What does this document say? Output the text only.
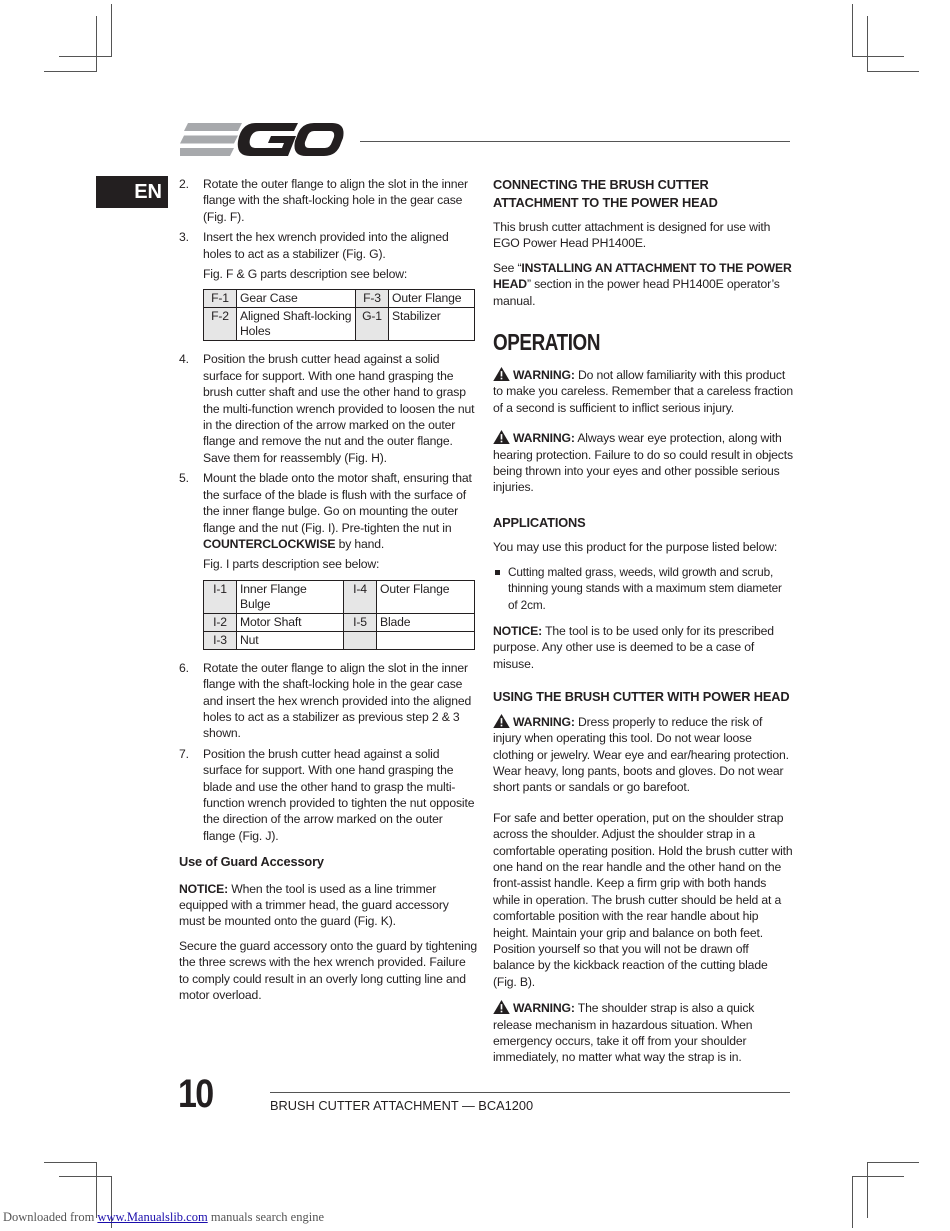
EN	2. Rotate the outer flange to align the slot in the inner flange with the shaft-locking hole in the gear case (Fig. F).
3. Insert the hex wrench provided into the aligned holes to act as a stabilizer (Fig. G).
Fig. F & G parts description see below:
F-1	Gear Case	F-3	Outer Flange
F-2	Aligned Shaft-locking Holes	G-1	Stabilizer
4. Position the brush cutter head against a solid surface for support. With one hand grasping the brush cutter shaft and use the other hand to grasp the multi-function wrench provided to loosen the nut in the direction of the arrow marked on the outer flange and remove the nut and the outer flange. Save them for reassembly (Fig. H).
5. Mount the blade onto the motor shaft, ensuring that the surface of the blade is flush with the surface of the inner flange bulge. Go on mounting the outer flange and the nut (Fig. I). Pre-tighten the nut in COUNTERCLOCKWISE by hand.
Fig. I parts description see below:
I-1	Inner Flange Bulge	I-4	Outer Flange
I-2	Motor Shaft	I-5	Blade
I-3	Nut		
6. Rotate the outer flange to align the slot in the inner flange with the shaft-locking hole in the gear case and insert the hex wrench provided into the aligned holes to act as a stabilizer as previous step 2 & 3 shown.
7. Position the brush cutter head against a solid surface for support. With one hand grasping the blade and use the other hand to grasp the multi-function wrench provided to tighten the nut opposite the direction of the arrow marked on the outer flange (Fig. J).
Use of Guard Accessory

NOTICE: When the tool is used as a line trimmer equipped with a trimmer head, the guard accessory must be mounted onto the guard (Fig. K).

Secure the guard accessory onto the guard by tightening the three screws with the hex wrench provided. Failure to comply could result in an overly long cutting line and motor overload.

CONNECTING THE BRUSH CUTTER ATTACHMENT TO THE POWER HEAD

This brush cutter attachment is designed for use with EGO Power Head PH1400E.

See “INSTALLING AN ATTACHMENT TO THE POWER HEAD” section in the power head PH1400E operator’s manual.

OPERATION

WARNING: Do not allow familiarity with this product to make you careless. Remember that a careless fraction of a second is sufficient to inflict serious injury.

WARNING: Always wear eye protection, along with hearing protection. Failure to do so could result in objects being thrown into your eyes and other possible serious injuries.

APPLICATIONS

You may use this product for the purpose listed below:

Cutting malted grass, weeds, wild growth and scrub, thinning young stands with a maximum stem diameter of 2cm.

NOTICE: The tool is to be used only for its prescribed purpose. Any other use is deemed to be a case of misuse.

USING THE BRUSH CUTTER WITH POWER HEAD

WARNING: Dress properly to reduce the risk of injury when operating this tool. Do not wear loose clothing or jewelry. Wear eye and ear/hearing protection. Wear heavy, long pants, boots and gloves. Do not wear short pants or sandals or go barefoot.

For safe and better operation, put on the shoulder strap across the shoulder. Adjust the shoulder strap in a comfortable operating position. Hold the brush cutter with one hand on the rear handle and the other hand on the front-assist handle. Keep a firm grip with both hands while in operation. The brush cutter should be held at a comfortable position with the rear handle about hip height. Maintain your grip and balance on both feet. Position yourself so that you will not be drawn off balance by the kickback reaction of the cutting blade (Fig. B).

WARNING: The shoulder strap is also a quick release mechanism in hazardous situation. When emergency occurs, take it off from your shoulder immediately, no matter what way the strap is in.

10	BRUSH CUTTER ATTACHMENT — BCA1200
Downloaded from www.Manualslib.com manuals search engine
